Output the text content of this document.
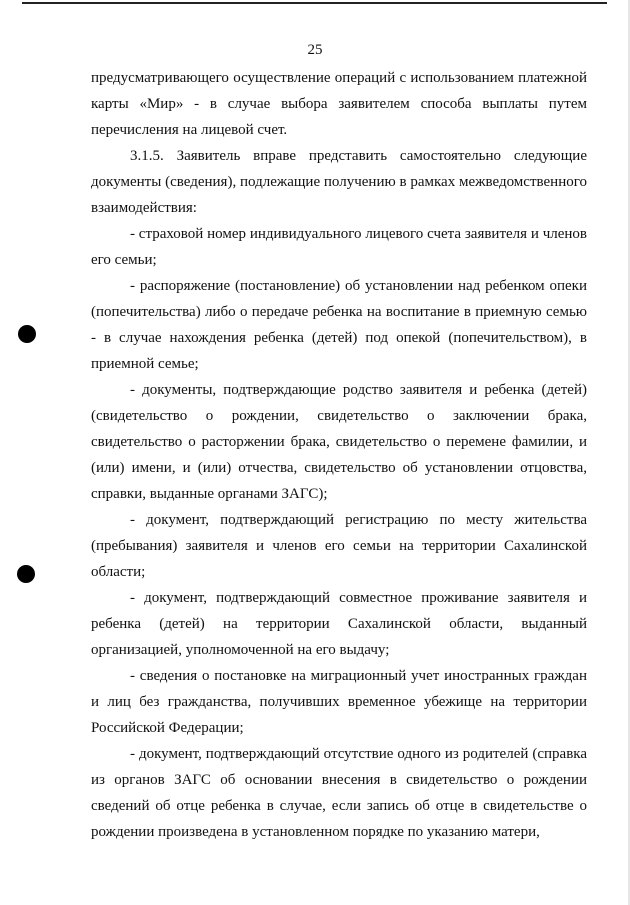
25

предусматривающего осуществление операций с использованием платежной карты «Мир» - в случае выбора заявителем способа выплаты путем перечисления на лицевой счет.

3.1.5. Заявитель вправе представить самостоятельно следующие документы (сведения), подлежащие получению в рамках межведомственного взаимодействия:

- страховой номер индивидуального лицевого счета заявителя и членов его семьи;

- распоряжение (постановление) об установлении над ребенком опеки (попечительства) либо о передаче ребенка на воспитание в приемную семью - в случае нахождения ребенка (детей) под опекой (попечительством), в приемной семье;

- документы, подтверждающие родство заявителя и ребенка (детей) (свидетельство о рождении, свидетельство о заключении брака, свидетельство о расторжении брака, свидетельство о перемене фамилии, и (или) имени, и (или) отчества, свидетельство об установлении отцовства, справки, выданные органами ЗАГС);

- документ, подтверждающий регистрацию по месту жительства (пребывания) заявителя и членов его семьи на территории Сахалинской области;

- документ, подтверждающий совместное проживание заявителя и ребенка (детей) на территории Сахалинской области, выданный организацией, уполномоченной на его выдачу;

- сведения о постановке на миграционный учет иностранных граждан и лиц без гражданства, получивших временное убежище на территории Российской Федерации;

- документ, подтверждающий отсутствие одного из родителей (справка из органов ЗАГС об основании внесения в свидетельство о рождении сведений об отце ребенка в случае, если запись об отце в свидетельстве о рождении произведена в установленном порядке по указанию матери,
